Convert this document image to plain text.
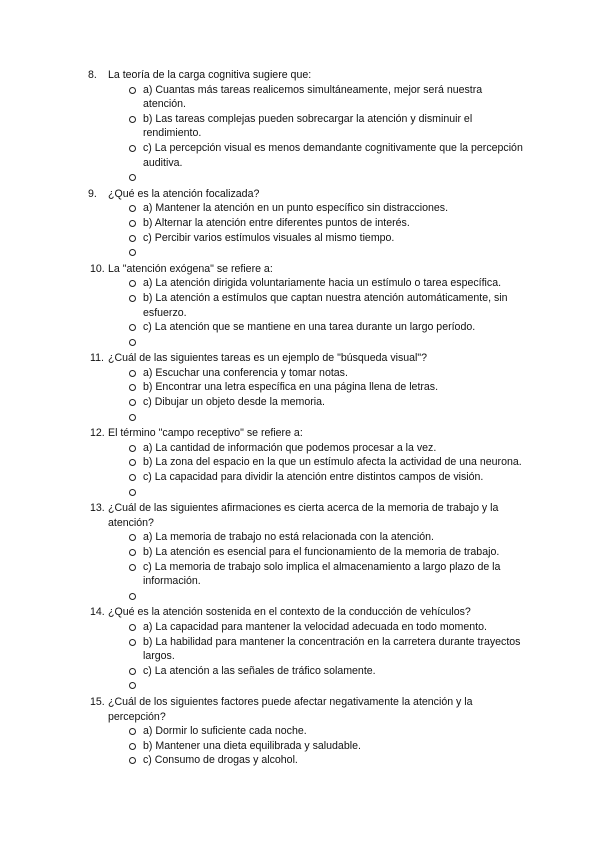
8. La teoría de la carga cognitiva sugiere que:
a) Cuantas más tareas realicemos simultáneamente, mejor será nuestra atención.
b) Las tareas complejas pueden sobrecargar la atención y disminuir el rendimiento.
c) La percepción visual es menos demandante cognitivamente que la percepción auditiva.
9. ¿Qué es la atención focalizada?
a) Mantener la atención en un punto específico sin distracciones.
b) Alternar la atención entre diferentes puntos de interés.
c) Percibir varios estímulos visuales al mismo tiempo.
10. La "atención exógena" se refiere a:
a) La atención dirigida voluntariamente hacia un estímulo o tarea específica.
b) La atención a estímulos que captan nuestra atención automáticamente, sin esfuerzo.
c) La atención que se mantiene en una tarea durante un largo período.
11. ¿Cuál de las siguientes tareas es un ejemplo de "búsqueda visual"?
a) Escuchar una conferencia y tomar notas.
b) Encontrar una letra específica en una página llena de letras.
c) Dibujar un objeto desde la memoria.
12. El término "campo receptivo" se refiere a:
a) La cantidad de información que podemos procesar a la vez.
b) La zona del espacio en la que un estímulo afecta la actividad de una neurona.
c) La capacidad para dividir la atención entre distintos campos de visión.
13. ¿Cuál de las siguientes afirmaciones es cierta acerca de la memoria de trabajo y la atención?
a) La memoria de trabajo no está relacionada con la atención.
b) La atención es esencial para el funcionamiento de la memoria de trabajo.
c) La memoria de trabajo solo implica el almacenamiento a largo plazo de la información.
14. ¿Qué es la atención sostenida en el contexto de la conducción de vehículos?
a) La capacidad para mantener la velocidad adecuada en todo momento.
b) La habilidad para mantener la concentración en la carretera durante trayectos largos.
c) La atención a las señales de tráfico solamente.
15. ¿Cuál de los siguientes factores puede afectar negativamente la atención y la percepción?
a) Dormir lo suficiente cada noche.
b) Mantener una dieta equilibrada y saludable.
c) Consumo de drogas y alcohol.
